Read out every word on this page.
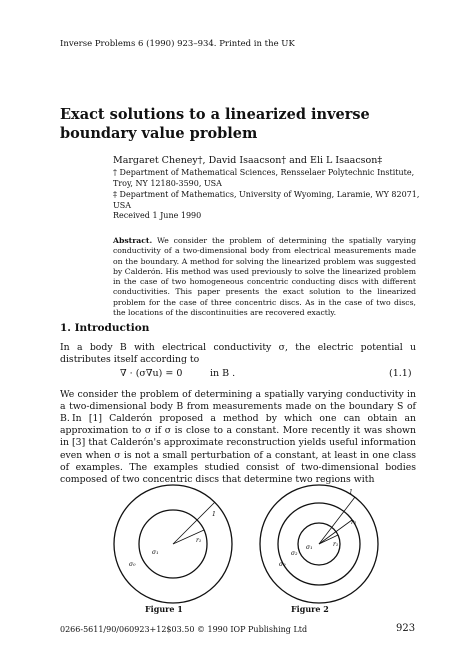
Inverse Problems 6 (1990) 923–934. Printed in the UK
Exact solutions to a linearized inverse boundary value problem
Margaret Cheney†, David Isaacson† and Eli L Isaacson‡
† Department of Mathematical Sciences, Rensselaer Polytechnic Institute, Troy, NY 12180-3590, USA
‡ Department of Mathematics, University of Wyoming, Laramie, WY 82071, USA
Received 1 June 1990
Abstract. We consider the problem of determining the spatially varying conductivity of a two-dimensional body from electrical measurements made on the boundary. A method for solving the linearized problem was suggested by Calderón. His method was used previously to solve the linearized problem in the case of two homogeneous concentric conducting discs with different conductivities. This paper presents the exact solution to the linearized problem for the case of three concentric discs. As in the case of two discs, the locations of the discontinuities are recovered exactly.
1. Introduction
In a body B with electrical conductivity σ, the electric potential u distributes itself according to
∇ · (σ∇u) = 0	in B .	(1.1)
We consider the problem of determining a spatially varying conductivity in a two-dimensional body B from measurements made on the boundary S of B. In [1] Calderón proposed a method by which one can obtain an approximation to σ if σ is close to a constant. More recently it was shown in [3] that Calderón's approximate reconstruction yields useful information even when σ is not a small perturbation of a constant, at least in one class of examples. The examples studied consist of two-dimensional bodies composed of two concentric discs that determine two regions with
1
r₁
σ₁
σ₀
1
r₂
r₁
σ₁
σ₂
σ₀
Figure 1	Figure 2
0266-5611/90/060923+12$03.50 © 1990 IOP Publishing Ltd	923
